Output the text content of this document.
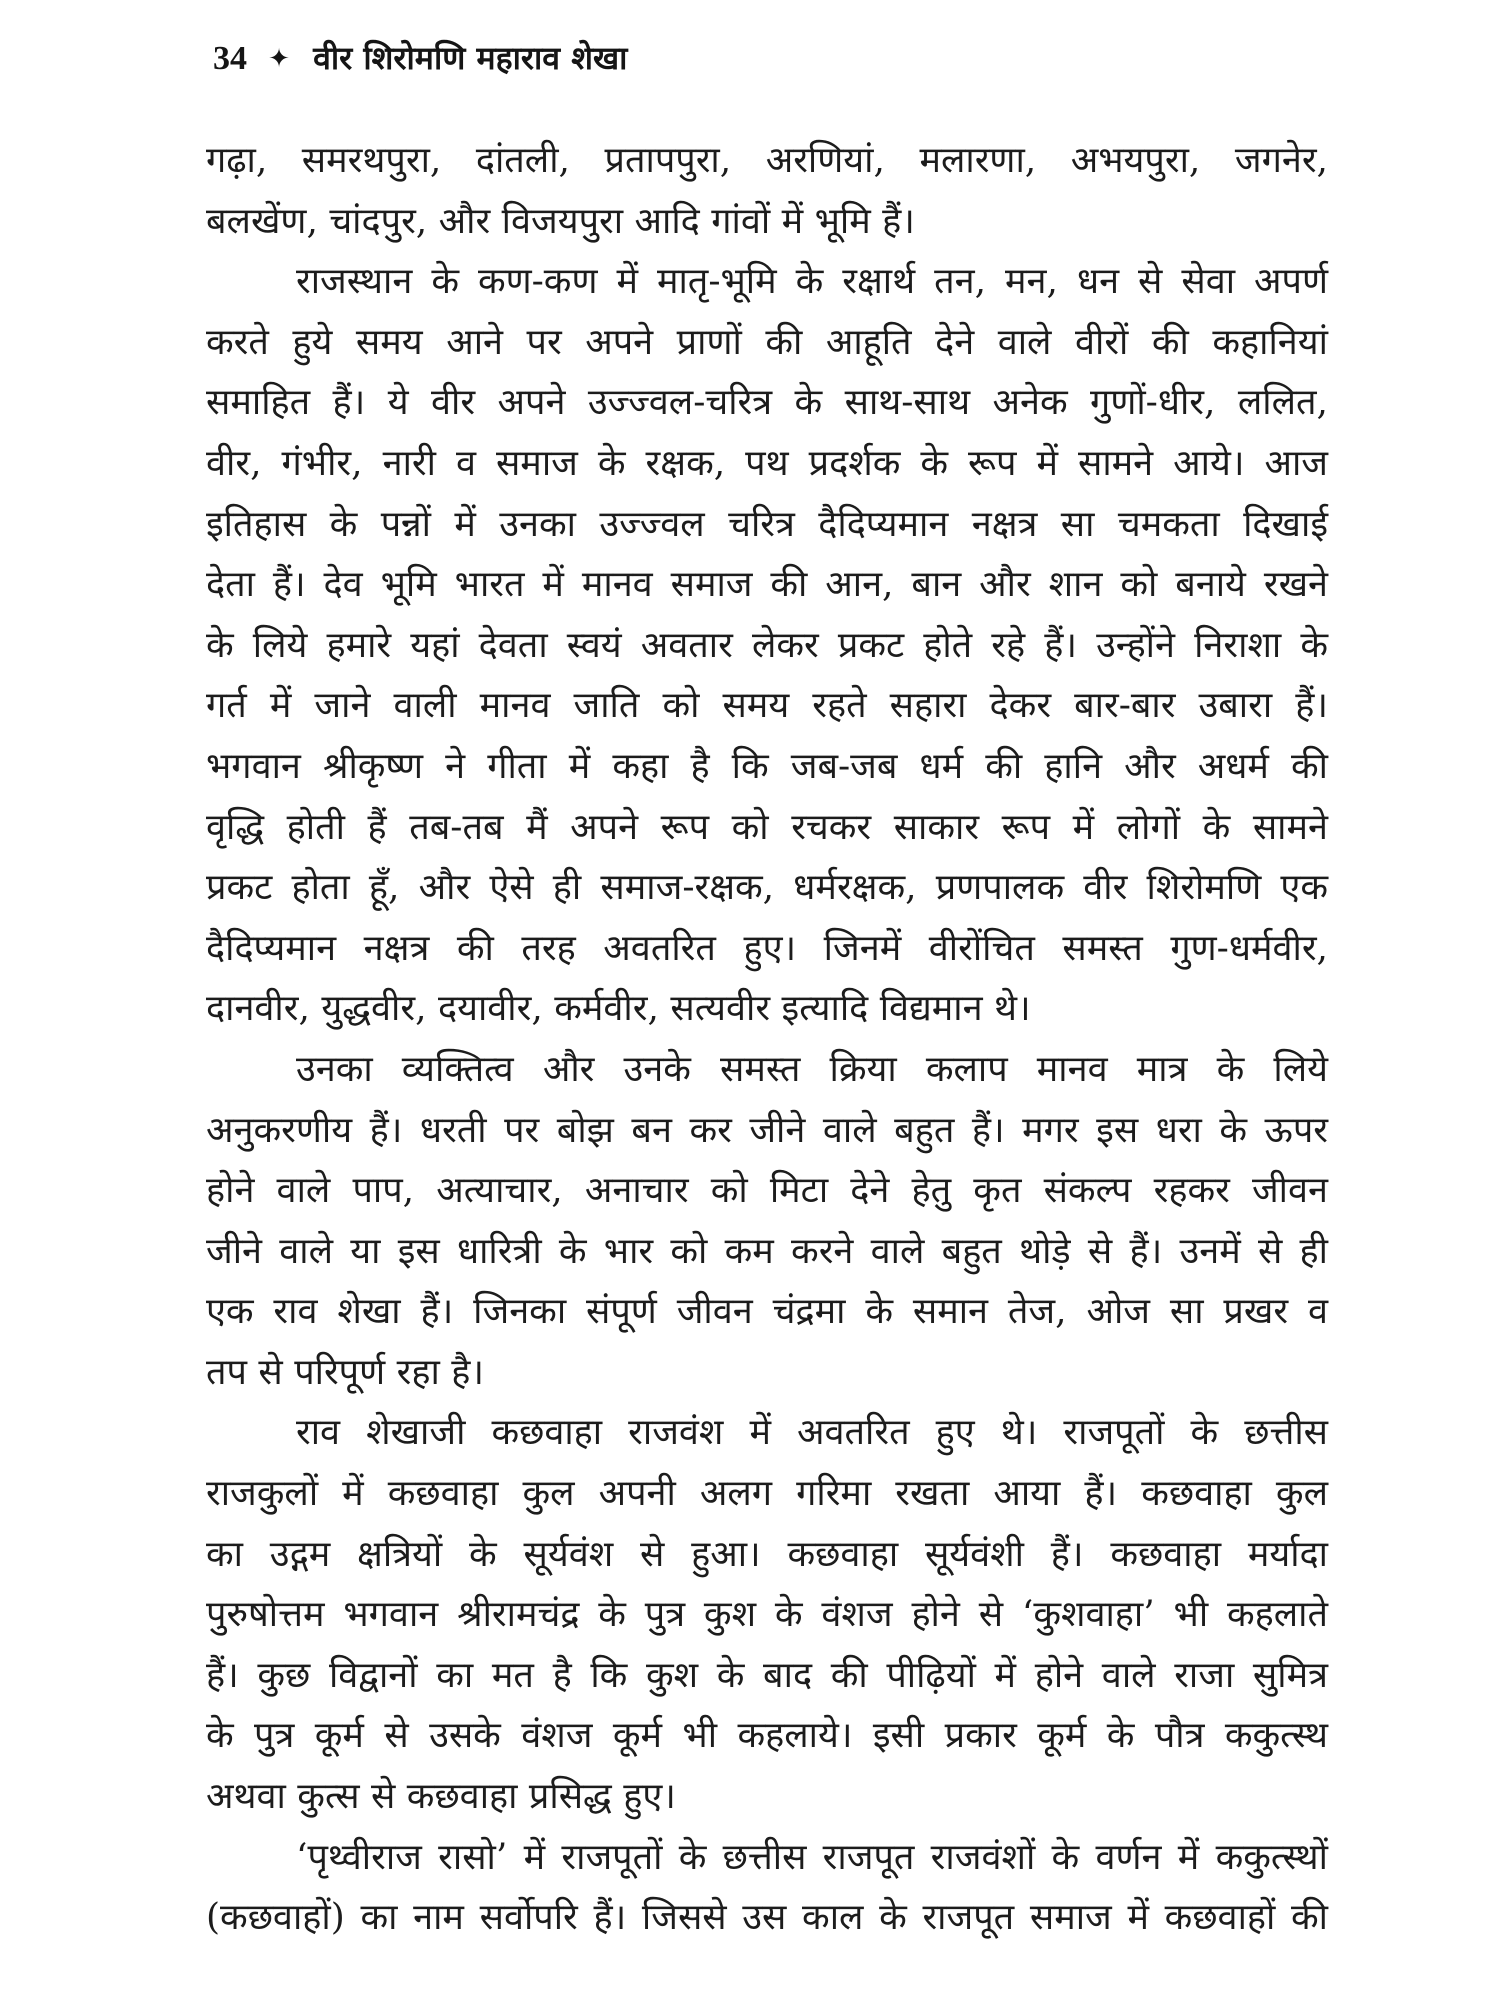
34 ✦ वीर शिरोमणि महाराव शेखा
गढ़ा, समरथपुरा, दांतली, प्रतापपुरा, अरणियां, मलारणा, अभयपुरा, जगनेर,
बलखेंण, चांदपुर, और विजयपुरा आदि गांवों में भूमि हैं।
राजस्थान के कण-कण में मातृ-भूमि के रक्षार्थ तन, मन, धन से सेवा अपर्ण
करते हुये समय आने पर अपने प्राणों की आहूति देने वाले वीरों की कहानियां
समाहित हैं। ये वीर अपने उज्ज्वल-चरित्र के साथ-साथ अनेक गुणों-धीर, ललित,
वीर, गंभीर, नारी व समाज के रक्षक, पथ प्रदर्शक के रूप में सामने आये। आज
इतिहास के पन्नों में उनका उज्ज्वल चरित्र दैदिप्यमान नक्षत्र सा चमकता दिखाई
देता हैं। देव भूमि भारत में मानव समाज की आन, बान और शान को बनाये रखने
के लिये हमारे यहां देवता स्वयं अवतार लेकर प्रकट होते रहे हैं। उन्होंने निराशा के
गर्त में जाने वाली मानव जाति को समय रहते सहारा देकर बार-बार उबारा हैं।
भगवान श्रीकृष्ण ने गीता में कहा है कि जब-जब धर्म की हानि और अधर्म की
वृद्धि होती हैं तब-तब मैं अपने रूप को रचकर साकार रूप में लोगों के सामने
प्रकट होता हूँ, और ऐसे ही समाज-रक्षक, धर्मरक्षक, प्रणपालक वीर शिरोमणि एक
दैदिप्यमान नक्षत्र की तरह अवतरित हुए। जिनमें वीरोंचित समस्त गुण-धर्मवीर,
दानवीर, युद्धवीर, दयावीर, कर्मवीर, सत्यवीर इत्यादि विद्यमान थे।
उनका व्यक्तित्व और उनके समस्त क्रिया कलाप मानव मात्र के लिये
अनुकरणीय हैं। धरती पर बोझ बन कर जीने वाले बहुत हैं। मगर इस धरा के ऊपर
होने वाले पाप, अत्याचार, अनाचार को मिटा देने हेतु कृत संकल्प रहकर जीवन
जीने वाले या इस धारित्री के भार को कम करने वाले बहुत थोड़े से हैं। उनमें से ही
एक राव शेखा हैं। जिनका संपूर्ण जीवन चंद्रमा के समान तेज, ओज सा प्रखर व
तप से परिपूर्ण रहा है।
राव शेखाजी कछवाहा राजवंश में अवतरित हुए थे। राजपूतों के छत्तीस
राजकुलों में कछवाहा कुल अपनी अलग गरिमा रखता आया हैं। कछवाहा कुल
का उद्गम क्षत्रियों के सूर्यवंश से हुआ। कछवाहा सूर्यवंशी हैं। कछवाहा मर्यादा
पुरुषोत्तम भगवान श्रीरामचंद्र के पुत्र कुश के वंशज होने से ‘कुशवाहा’ भी कहलाते
हैं। कुछ विद्वानों का मत है कि कुश के बाद की पीढ़ियों में होने वाले राजा सुमित्र
के पुत्र कूर्म से उसके वंशज कूर्म भी कहलाये। इसी प्रकार कूर्म के पौत्र ककुत्स्थ
अथवा कुत्स से कछवाहा प्रसिद्ध हुए।
‘पृथ्वीराज रासो’ में राजपूतों के छत्तीस राजपूत राजवंशों के वर्णन में ककुत्स्थों
(कछवाहों) का नाम सर्वोपरि हैं। जिससे उस काल के राजपूत समाज में कछवाहों की
